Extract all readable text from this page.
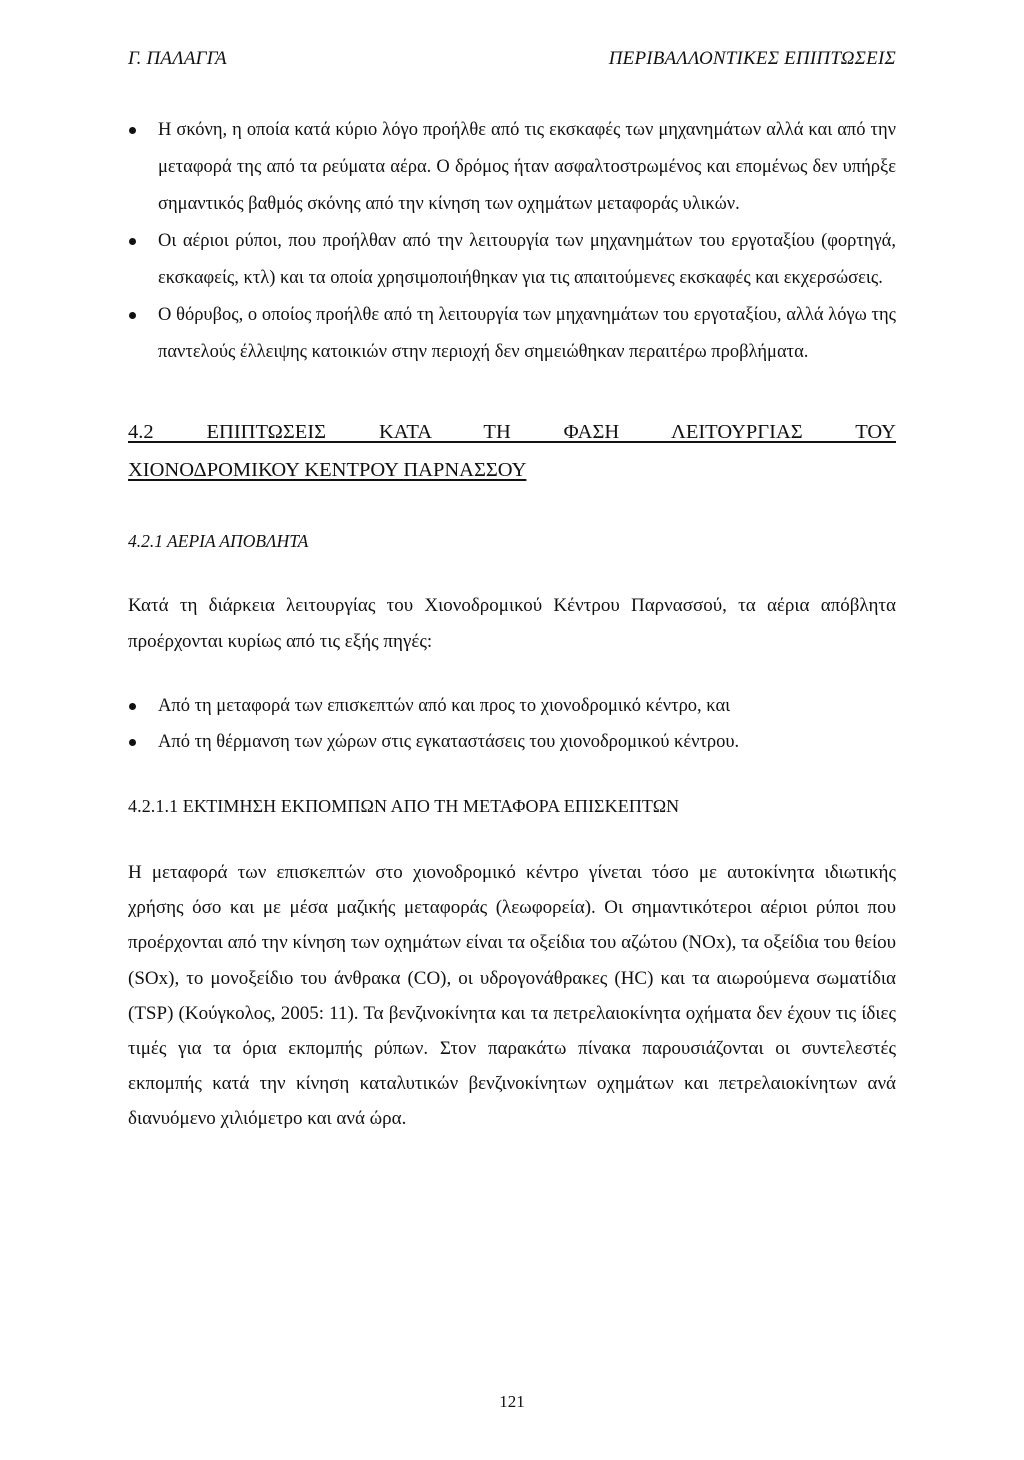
Γ. ΠΑΛΑΓΓΑ	ΠΕΡΙΒΑΛΛΟΝΤΙΚΕΣ ΕΠΙΠΤΩΣΕΙΣ
Η σκόνη, η οποία κατά κύριο λόγο προήλθε από τις εκσκαφές των μηχανημάτων αλλά και από την μεταφορά της από τα ρεύματα αέρα. Ο δρόμος ήταν ασφαλτοστρωμένος και επομένως δεν υπήρξε σημαντικός βαθμός σκόνης από την κίνηση των οχημάτων μεταφοράς υλικών.
Οι αέριοι ρύποι, που προήλθαν από την λειτουργία των μηχανημάτων του εργοταξίου (φορτηγά, εκσκαφείς, κτλ) και τα οποία χρησιμοποιήθηκαν για τις απαιτούμενες εκσκαφές και εκχερσώσεις.
Ο θόρυβος, ο οποίος προήλθε από τη λειτουργία των μηχανημάτων του εργοταξίου, αλλά λόγω της παντελούς έλλειψης κατοικιών στην περιοχή δεν σημειώθηκαν περαιτέρω προβλήματα.
4.2 ΕΠΙΠΤΩΣΕΙΣ ΚΑΤΑ ΤΗ ΦΑΣΗ ΛΕΙΤΟΥΡΓΙΑΣ ΤΟΥ
ΧΙΟΝΟΔΡΟΜΙΚΟΥ ΚΕΝΤΡΟΥ ΠΑΡΝΑΣΣΟΥ
4.2.1 ΑΕΡΙΑ ΑΠΟΒΛΗΤΑ

Κατά τη διάρκεια λειτουργίας του Χιονοδρομικού Κέντρου Παρνασσού, τα αέρια απόβλητα προέρχονται κυρίως από τις εξής πηγές:

Από τη μεταφορά των επισκεπτών από και προς το χιονοδρομικό κέντρο, και
Από τη θέρμανση των χώρων στις εγκαταστάσεις του χιονοδρομικού κέντρου.
4.2.1.1 ΕΚΤΙΜΗΣΗ ΕΚΠΟΜΠΩΝ ΑΠΟ ΤΗ ΜΕΤΑΦΟΡΑ ΕΠΙΣΚΕΠΤΩΝ

Η μεταφορά των επισκεπτών στο χιονοδρομικό κέντρο γίνεται τόσο με αυτοκίνητα ιδιωτικής χρήσης όσο και με μέσα μαζικής μεταφοράς (λεωφορεία). Οι σημαντικότεροι αέριοι ρύποι που προέρχονται από την κίνηση των οχημάτων είναι τα οξείδια του αζώτου (NOx), τα οξείδια του θείου (SOx), το μονοξείδιο του άνθρακα (CO), οι υδρογονάθρακες (HC) και τα αιωρούμενα σωματίδια (TSP) (Κούγκολος, 2005: 11). Τα βενζινοκίνητα και τα πετρελαιοκίνητα οχήματα δεν έχουν τις ίδιες τιμές για τα όρια εκπομπής ρύπων. Στον παρακάτω πίνακα παρουσιάζονται οι συντελεστές εκπομπής κατά την κίνηση καταλυτικών βενζινοκίνητων οχημάτων και πετρελαιοκίνητων ανά διανυόμενο χιλιόμετρο και ανά ώρα.

121
